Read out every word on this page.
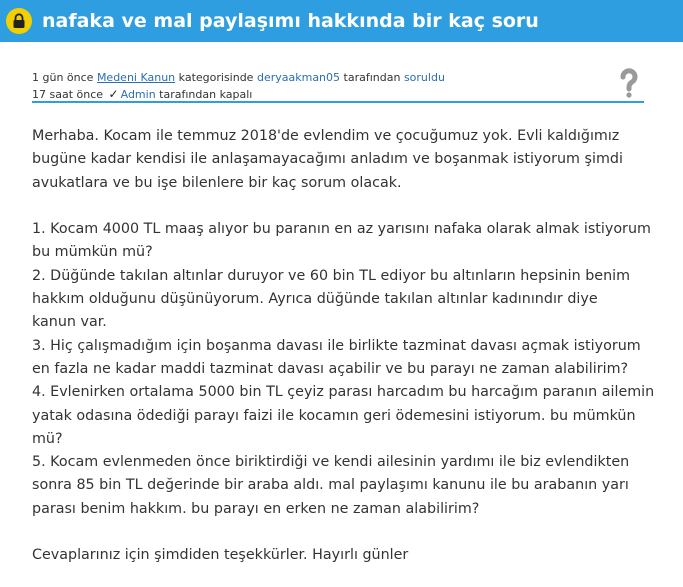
nafaka ve mal paylaşımı hakkında bir kaç soru
1 gün önce Medeni Kanun kategorisinde deryaakman05 tarafından soruldu
17 saat önce ✓ Admin tarafından kapalı

Merhaba. Kocam ile temmuz 2018'de evlendim ve çocuğumuz yok. Evli kaldığımız

bugüne kadar kendisi ile anlaşamayacağımı anladım ve boşanmak istiyorum şimdi

avukatlara ve bu işe bilenlere bir kaç sorum olacak.

1. Kocam 4000 TL maaş alıyor bu paranın en az yarısını nafaka olarak almak istiyorum

bu mümkün mü?

2. Düğünde takılan altınlar duruyor ve 60 bin TL ediyor bu altınların hepsinin benim

hakkım olduğunu düşünüyorum. Ayrıca düğünde takılan altınlar kadınındır diye

kanun var.

3. Hiç çalışmadığım için boşanma davası ile birlikte tazminat davası açmak istiyorum

en fazla ne kadar maddi tazminat davası açabilir ve bu parayı ne zaman alabilirim?

4. Evlenirken ortalama 5000 bin TL çeyiz parası harcadım bu harcağım paranın ailemin

yatak odasına ödediği parayı faizi ile kocamın geri ödemesini istiyorum. bu mümkün

mü?

5. Kocam evlenmeden önce biriktirdiği ve kendi ailesinin yardımı ile biz evlendikten

sonra 85 bin TL değerinde bir araba aldı. mal paylaşımı kanunu ile bu arabanın yarı

parası benim hakkım. bu parayı en erken ne zaman alabilirim?

Cevaplarınız için şimdiden teşekkürler. Hayırlı günler
